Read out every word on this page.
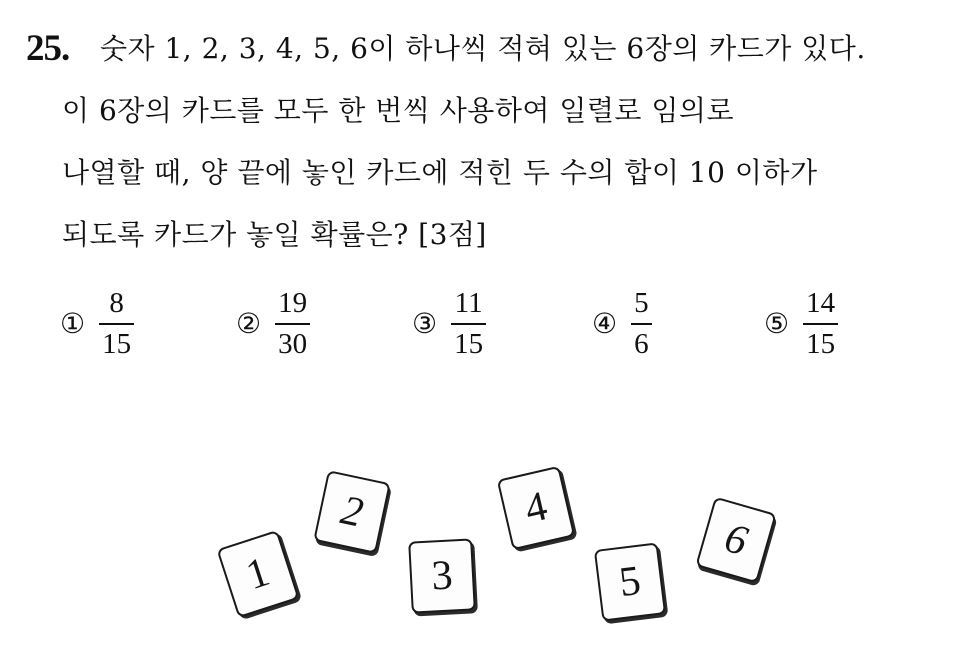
25. 숫자 1, 2, 3, 4, 5, 6이 하나씩 적혀 있는 6장의 카드가 있다.
이 6장의 카드를 모두 한 번씩 사용하여 일렬로 임의로
나열할 때, 양 끝에 놓인 카드에 적힌 두 수의 합이 10 이하가
되도록 카드가 놓일 확률은? [3점]
① $\frac{8}{15}$	② $\frac{19}{30}$	③ $\frac{11}{15}$	④ $\frac{5}{6}$	⑤ $\frac{14}{15}$
1
2
3
4
5
6
